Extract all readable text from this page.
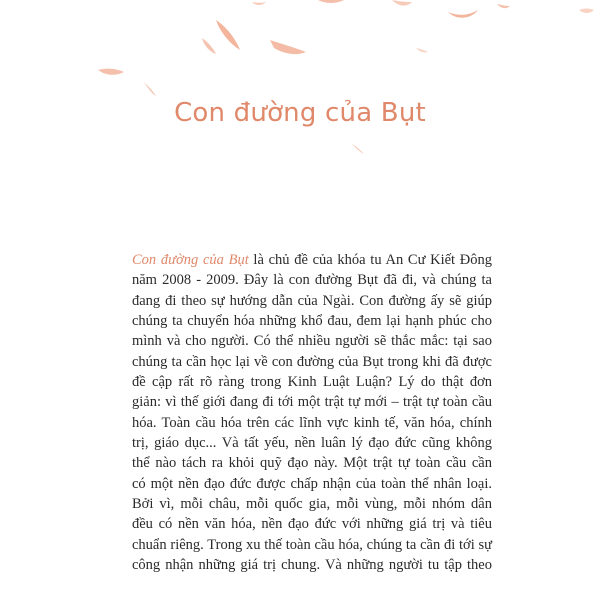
Con đường của Bụt
Con đường của Bụt là chủ đề của khóa tu An Cư Kiết Đông
năm 2008 - 2009. Đây là con đường Bụt đã đi, và chúng ta
đang đi theo sự hướng dẫn của Ngài. Con đường ấy sẽ giúp
chúng ta chuyển hóa những khổ đau, đem lại hạnh phúc cho
mình và cho người. Có thể nhiều người sẽ thắc mắc: tại sao
chúng ta cần học lại về con đường của Bụt trong khi đã được
đề cập rất rõ ràng trong Kinh Luật Luận? Lý do thật đơn
giản: vì thế giới đang đi tới một trật tự mới – trật tự toàn cầu
hóa. Toàn cầu hóa trên các lĩnh vực kinh tế, văn hóa, chính
trị, giáo dục... Và tất yếu, nền luân lý đạo đức cũng không
thể nào tách ra khỏi quỹ đạo này. Một trật tự toàn cầu cần
có một nền đạo đức được chấp nhận của toàn thể nhân loại.
Bởi vì, mỗi châu, mỗi quốc gia, mỗi vùng, mỗi nhóm dân
đều có nền văn hóa, nền đạo đức với những giá trị và tiêu
chuẩn riêng. Trong xu thế toàn cầu hóa, chúng ta cần đi tới sự
công nhận những giá trị chung. Và những người tu tập theo
